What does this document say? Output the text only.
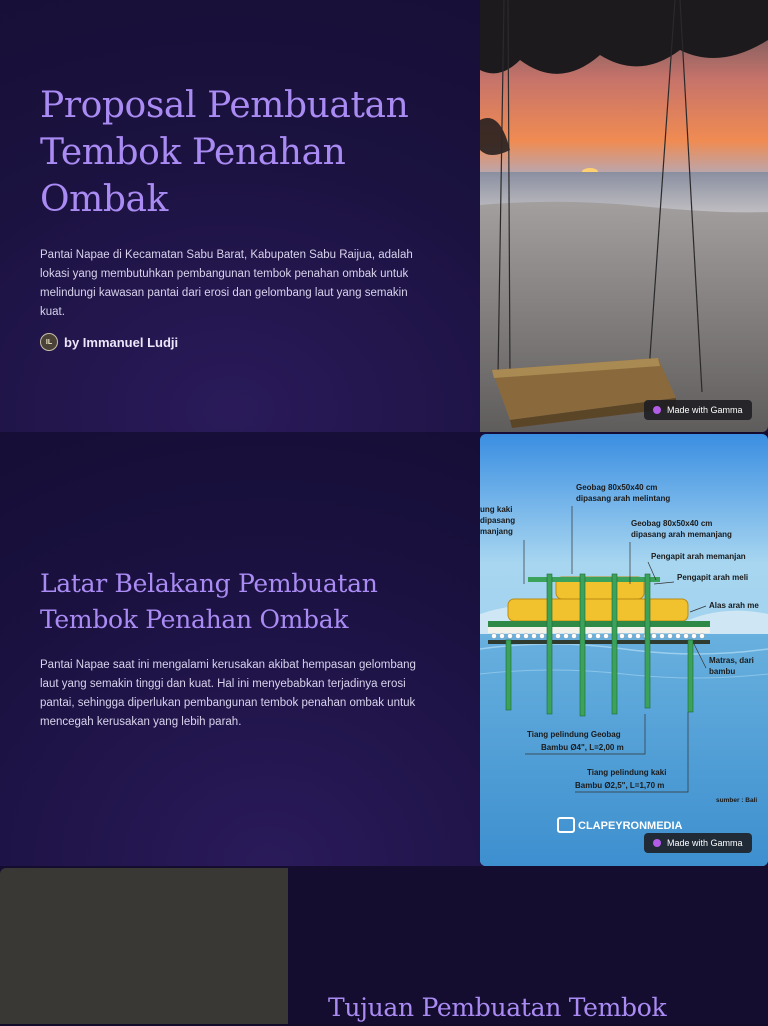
Proposal Pembuatan Tembok Penahan Ombak

Pantai Napae di Kecamatan Sabu Barat, Kabupaten Sabu Raijua, adalah lokasi yang membutuhkan pembangunan tembok penahan ombak untuk melindungi kawasan pantai dari erosi dan gelombang laut yang semakin kuat.

IL by Immanuel Ludji
Made with Gamma
Latar Belakang Pembuatan Tembok Penahan Ombak

Pantai Napae saat ini mengalami kerusakan akibat hempasan gelombang laut yang semakin tinggi dan kuat. Hal ini menyebabkan terjadinya erosi pantai, sehingga diperlukan pembangunan tembok penahan ombak untuk mencegah kerusakan yang lebih parah.

Geobag 80x50x40 cm
dipasang arah melintang
ung kaki
dipasang
manjang
Geobag 80x50x40 cm
dipasang arah memanjang
Pengapit arah memanjan
Pengapit arah meli
Alas arah me
Matras, dari
bambu
Tiang pelindung Geobag
Bambu Ø4", L=2,00 m
Tiang pelindung kaki
Bambu Ø2,5", L=1,70 m
sumber : Bali
CLAPEYRONMEDIA
Made with Gamma
Tujuan Pembuatan Tembok
